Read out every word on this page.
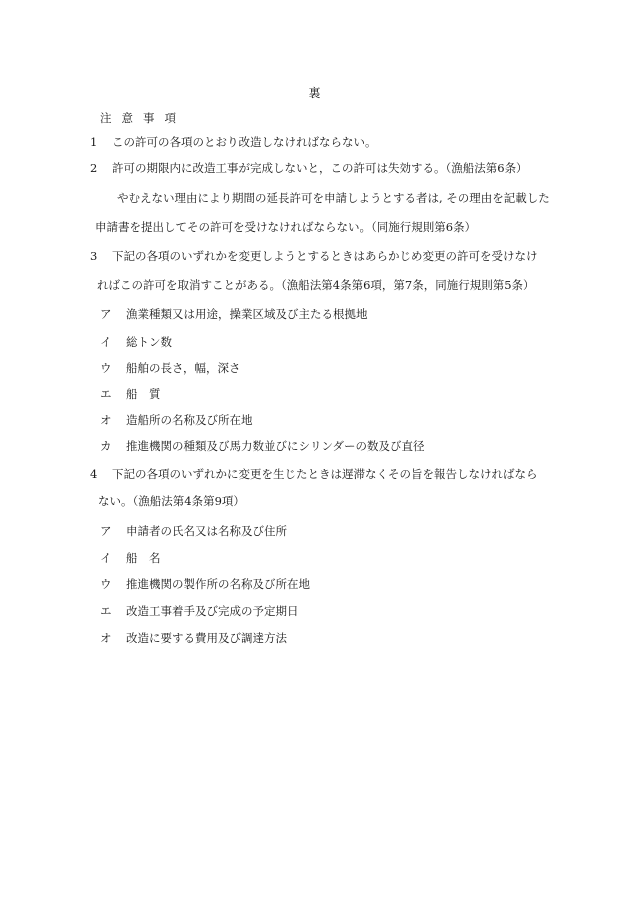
裏
注意事項
1 この許可の各項のとおり改造しなければならない。
2 許可の期限内に改造工事が完成しないと，この許可は失効する。（漁船法第6条）
やむえない理由により期間の延長許可を申請しようとする者は, その理由を記載した
申請書を提出してその許可を受けなければならない。（同施行規則第6条）
3 下記の各項のいずれかを変更しようとするときはあらかじめ変更の許可を受けなけ
ればこの許可を取消すことがある。（漁船法第4条第6項，第7条，同施行規則第5条）
ア 漁業種類又は用途，操業区域及び主たる根拠地
イ 総トン数
ウ 船舶の長さ，幅，深さ
エ 船　質
オ 造船所の名称及び所在地
カ 推進機関の種類及び馬力数並びにシリンダーの数及び直径
4 下記の各項のいずれかに変更を生じたときは遅滞なくその旨を報告しなければなら
ない。（漁船法第4条第9項）
ア 申請者の氏名又は名称及び住所
イ 船　名
ウ 推進機関の製作所の名称及び所在地
エ 改造工事着手及び完成の予定期日
オ 改造に要する費用及び調達方法
